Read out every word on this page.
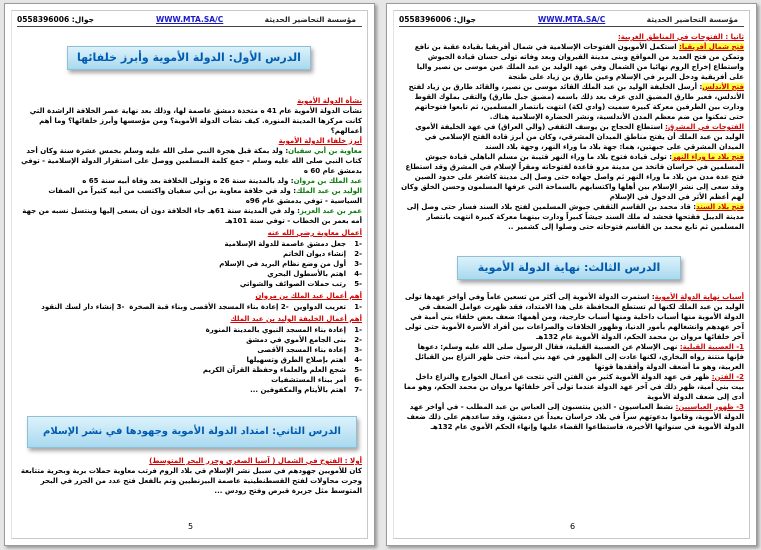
0558396006 :جوال	WWW.MTA.SA/C	مؤسسة التحاضير الحديثة
الدرس الأول: الدولة الأموية وأبرز خلفائها

نشأة الدولة الأموية

نشأت الدولة الأموية عام 41 ه متخذة دمشق عاصمة لها، وذلك بعد نهاية عصر الخلافة الراشدة التي كانت مركزها المدينة المنورة. كيف نشأت الدولة الأموية؟ ومن مؤسسها وأبرز خلفائها؟ وما أهم أعمالهم؟

أبرز خلفاء الدولة الأموية

معاوية بن أبي سفيان: ولد بمكة قبل هجرة النبي صلى الله عليه وسلم بخمس عشرة سنة وكان أحد كتاب النبي صلى الله عليه وسلم - جمع كلمة المسلمين ووصل على استقرار الدولة الإسلامية - توفي بدمشق عام 60 ه

عبد الملك بن مروان: ولد بالمدينة سنة 26 ه وتولى الخلافة بعد وفاة أبيه سنة 65 ه

الوليد بن عبد الملك: ولد في خلافة معاوية بن أبي سفيان واكتسب من أبيه كثيراً من الصفات السياسية - توفي بدمشق عام 96ه

عمر بن عبد العزيز: ولد في المدينة سنة 61هـ جاء الخلافة دون أن يسعى إليها وينتسل نسبه من جهة أمه بعمر بن الخطاب - توفي سنة 101هـ

أعمال معاوية رضي الله عنه

-1
جعل دمشق عاصمة للدولة الإسلامية
-2
إنشاء ديوان الخاتم
-3
أول من وضع نظام البريد في الإسلام
-4
اهتم بالأسطول البحري
-5
رتب حملات الصوائف والشواتي

أهم أعمال عبد الملك بن مروان

-1
تعريب الدواوين  -2 إعادة بناء المسجد الأقصى وبناء قبة الصخرة  -3 إنشاء دار لسك النقود

أهم أعمال الخليفة الوليد بن عبد الملك

-1
إعادة بناء المسجد النبوي بالمدينة المنورة
-2
بنى الجامع الأموي في دمشق
-3
إعادة بناء المسجد الأقصى
-4
اهتم بإصلاح الطرق وتسهيلها
-5
شجع العلم والعلماء وحفظة القرآن الكريم
-6
أمر ببناء المستشفيات
-7
اهتم بالأيتام والمكفوفين ...
الدرس الثاني: امتداد الدولة الأموية وجهودها في نشر الإسلام

أولا : الفتوح في الشمال ( آسيا الصغرى وجزر البحر المتوسط)

كان للأمويين جهودهم في سبيل نشر الإسلام في بلاد الروم فرتب معاوية حملات برية وبحرية متتابعة وجرت محاولات لفتح القسطنطينية عاصمة البيزنطيين وتم بالفعل فتح عدد من الجزر في البحر المتوسط مثل جزيرة قبرص وفتح رودس ...

5
0558396006 :جوال	WWW.MTA.SA/C	مؤسسة التحاضير الحديثة

ثانيا : الفتوحات في المناطق الغربية:

فتح شمال أفريقيا: استكمل الأمويون الفتوحات الإسلامية في شمال أفريقيا بقيادة عقبة بن نافع وتمكن من فتح العديد من المواقع وبنى مدينة القيروان وبعد وفاته تولى حسان قيادة الجيوش واستطاع إخراج الروم نهائيا من الشمال وفي عهد الوليد بن عبد الملك عين موسى بن نصير واليا على أفريقية ودخل البربر في الإسلام وعين طارق بن زياد على طنجة

فتح الأندلس: أرسل الخليفة الوليد بن عبد الملك القائد موسى بن نصير، والقائد طارق بن زياد لفتح الأندلس، فعبر طارق المضيق الذي عرف بعد ذلك باسمه (مضيق جبل طارق) والتقى بملوك القوط ودارت بين الطرفين معركة كبيرة سميت (وادي لكة) انتهت بانتصار المسلمين، ثم تابعوا فتوحاتهم حتى تمكنوا من ضم معظم المدن الأندلسية، ونشر الحضارة الإسلامية هناك.

الفتوحات في المشرق: استطاع الحجاج بن يوسف الثقفي (والي العراق) في عهد الخليفة الأموي الوليد بن عبد الملك أن يفتح مناطق الميدان المشرقي، وكان من أبرز قادة الفتح الإسلامي في الميدان المشرقي على جبهتين، هما: جهة بلاد ما وراء النهر، وجهة بلاد السند

فتح بلاد ما وراء النهر: تولى قيادة فتوح بلاد ما وراء النهر قتيبة بن مسلم الباهلي قيادة جيوش المسلمين في خراسان فاتخذ من مدينة مرو قاعدة لفتوحاته ومقراً لإسلام في المشرق وقد استطاع فتح عدة مدن من بلاد ما وراء النهر ثم واصل جهاده حتى وصل إلى مدينة كاشغر على حدود الصين وقد سعى إلى نشر الإسلام بين أهلها واكتسابهم بالسماحة التي عرفها المسلمون وحسن الخلق وكان لهم أعظم الأثر في الدخول في الإسلام

فتح بلاد السند: قاد محمد بن القاسم الثقفي جيوش المسلمين لفتح بلاد السند فسار حتى وصل إلى مدينة الديبل فقتحها فحشد له ملك السند جيشاً كبيراً ودارت بينهما معركة كبيرة انتهت بانتصار المسلمين ثم تابع محمد بن القاسم فتوحاته حتى وصلوا إلى كشمير ..

الدرس الثالث: نهاية الدولة الأموية

أسباب نهاية الدولة الأموية: استمرت الدولة الأموية إلى أكثر من تسعين عاماً وفي أواخر عهدها تولى الوليد بن عبد الملك لكنها لم تستطع المحافظة على هذا الامتداد، فقد ظهرت عوامل الضعف في الدولة الأموية منها أسباب داخلية ومنها أسباب خارجية، ومن أهمها: ضعف بعض خلفاء بني أمية في آخر عهدهم وانشغالهم بأمور الدنيا، وظهور الخلافات والصراعات بين أفراد الأسرة الأموية حتى تولى آخر خلفائها مروان بن محمد الحكم، الدولة الأموية عام 132هـ

1- العصبية القبلية: نهى الإسلام عن العصبية القبلية، فقال الرسول صلى الله عليه وسلم: دعوها فإنها منتنة رواه البخاري، لكنها عادت إلى الظهور في عهد بني أمية، حتى ظهر النزاع بين القبائل العربية، وهو ما أضعف الدولة وأفقدها قوتها

2- الفتن: ظهر في عهد الدولة الأموية كثير من الفتن التي نتجت عن أعمال الخوارج والنزاع داخل بيت بني أمية، ظهر ذلك في آخر عهد الدولة عندما تولى آخر خلفائها مروان بن محمد الحكم، وهو مما أدى إلى ضعف الدولة الأموية

3- ظهور العباسيين: نشط العباسيون - الذين ينتسبون إلى العباس بن عبد المطلب - في أواخر عهد الدولة الأموية، وقاموا بدعوتهم سراً في بلاد خراسان بعيداً عن دمشق، وقد ساعدهم على ذلك ضعف الدولة الأموية في سنواتها الأخيرة، فاستطاعوا القضاء عليها وإنهاء الحكم الأموي عام 132هـ

6
